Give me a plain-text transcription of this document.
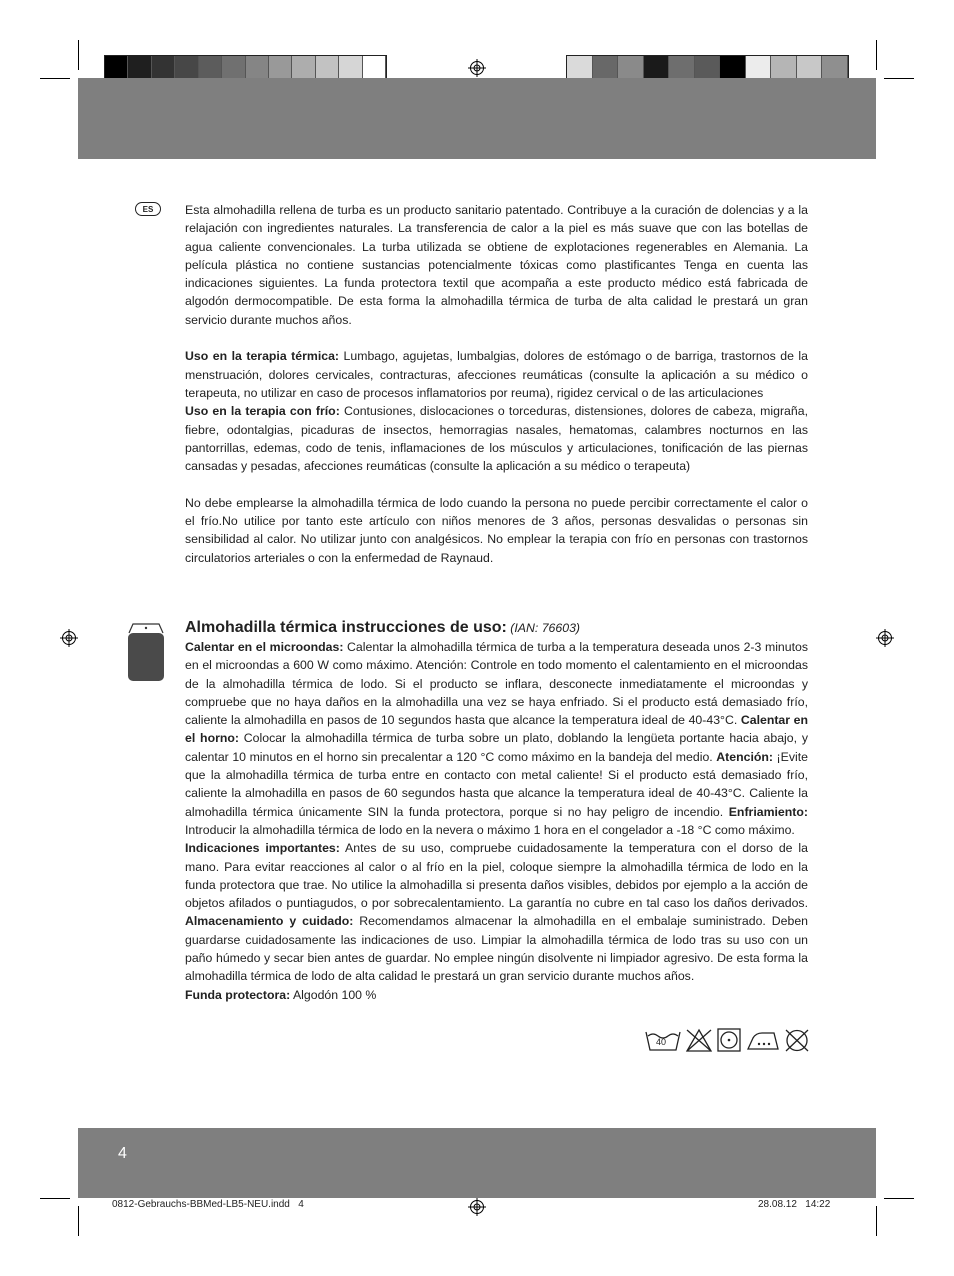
ES	Esta almohadilla rellena de turba es un producto sanitario patentado. Contribuye a la curación de dolencias y a la relajación con ingredientes naturales. La transferencia de calor a la piel es más suave que con las botellas de agua caliente convencionales. La turba utilizada se obtiene de explotaciones regenerables en Alemania. La película plástica no contiene sustancias potencialmente tóxicas como plastificantes Tenga en cuenta las indicaciones siguientes. La funda protectora textil que acompaña a este producto médico está fabricada de algodón dermocompatible. De esta forma la almohadilla térmica de turba de alta calidad le prestará un gran servicio durante muchos años.

Uso en la terapia térmica: Lumbago, agujetas, lumbalgias, dolores de estómago o de barriga, trastornos de la menstruación, dolores cervicales, contracturas, afecciones reumáticas (consulte la aplicación a su médico o terapeuta, no utilizar en caso de procesos inflamatorios por reuma), rigidez cervical o de las articulaciones

Uso en la terapia con frío: Contusiones, dislocaciones o torceduras, distensiones, dolores de cabeza, migraña, fiebre, odontalgias, picaduras de insectos, hemorragias nasales, hematomas, calambres nocturnos en las pantorrillas, edemas, codo de tenis, inflamaciones de los músculos y articulaciones, tonificación de las piernas cansadas y pesadas, afecciones reumáticas (consulte la aplicación a su médico o terapeuta)

No debe emplearse la almohadilla térmica de lodo cuando la persona no puede percibir correctamente el calor o el frío.No utilice por tanto este artículo con niños menores de 3 años, personas desvalidas o personas sin sensibilidad al calor. No utilizar junto con analgésicos. No emplear la terapia con frío en personas con trastornos circulatorios arteriales o con la enfermedad de Raynaud.

Almohadilla térmica instrucciones de uso: (IAN: 76603)

Calentar en el microondas: Calentar la almohadilla térmica de turba a la temperatura deseada unos 2-3 minutos en el microondas a 600 W como máximo. Atención: Controle en todo momento el calentamiento en el microondas de la almohadilla térmica de lodo. Si el producto se inflara, desconecte inmediatamente el microondas y compruebe que no haya daños en la almohadilla una vez se haya enfriado. Si el producto está demasiado frío, caliente la almohadilla en pasos de 10 segundos hasta que alcance la temperatura ideal de 40-43°C. Calentar en el horno: Colocar la almohadilla térmica de turba sobre un plato, doblando la lengüeta portante hacia abajo, y calentar 10 minutos en el horno sin precalentar a 120 °C como máximo en la bandeja del medio. Atención: ¡Evite que la almohadilla térmica de turba entre en contacto con metal caliente! Si el producto está demasiado frío, caliente la almohadilla en pasos de 60 segundos hasta que alcance la temperatura ideal de 40-43°C. Caliente la almohadilla térmica únicamente SIN la funda protectora, porque si no hay peligro de incendio. Enfriamiento: Introducir la almohadilla térmica de lodo en la nevera o máximo 1 hora en el congelador a -18 °C como máximo.

Indicaciones importantes: Antes de su uso, compruebe cuidadosamente la temperatura con el dorso de la mano. Para evitar reacciones al calor o al frío en la piel, coloque siempre la almohadilla térmica de lodo en la funda protectora que trae. No utilice la almohadilla si presenta daños visibles, debidos por ejemplo a la acción de objetos afilados o puntiagudos, o por sobrecalentamiento. La garantía no cubre en tal caso los daños derivados. Almacenamiento y cuidado: Recomendamos almacenar la almohadilla en el embalaje suministrado. Deben guardarse cuidadosamente las indicaciones de uso. Limpiar la almohadilla térmica de lodo tras su uso con un paño húmedo y secar bien antes de guardar. No emplee ningún disolvente ni limpiador agresivo. De esta forma la almohadilla térmica de lodo de alta calidad le prestará un gran servicio durante muchos años.

Funda protectora: Algodón 100 %

40
4
0812-Gebrauchs-BBMed-LB5-NEU.indd   4	28.08.12   14:22
